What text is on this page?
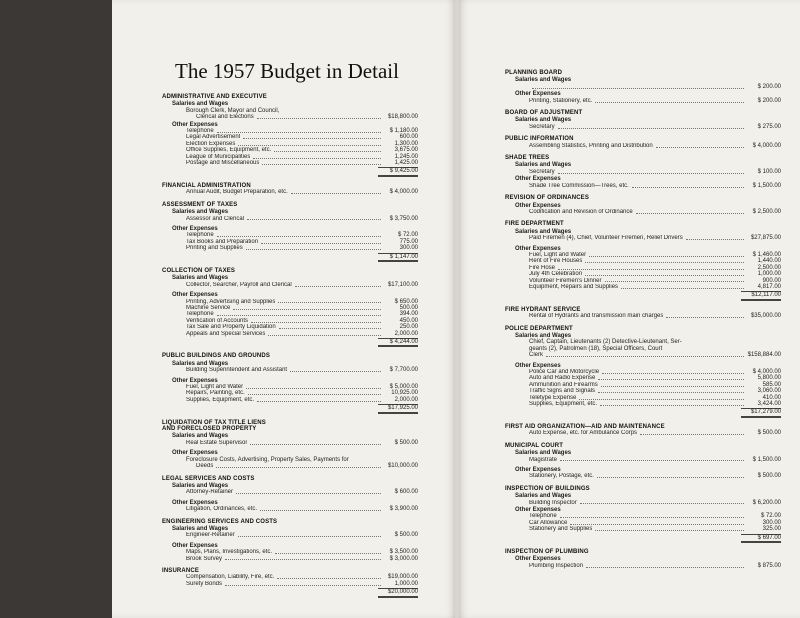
The 1957 Budget in Detail
ADMINISTRATIVE AND EXECUTIVE
Salaries and Wages
Borough Clerk, Mayor and Council,
Clerical and Elections	$18,800.00
Other Expenses
Telephone	$ 1,180.00
Legal Advertisement	600.00
Election Expenses	1,300.00
Office Supplies, Equipment, etc.	3,675.00
League of Municipalities	1,245.00
Postage and Miscellaneous	1,425.00
$ 9,425.00
FINANCIAL ADMINISTRATION
Annual Audit, Budget Preparation, etc.	$ 4,000.00
ASSESSMENT OF TAXES
Salaries and Wages
Assessor and Clerical	$ 3,750.00
Other Expenses
Telephone	$ 72.00
Tax Books and Preparation	775.00
Printing and Supplies	300.00
$ 1,147.00
COLLECTION OF TAXES
Salaries and Wages
Collector, Searcher, Payroll and Clerical	$17,100.00
Other Expenses
Printing, Advertising and Supplies	$ 650.00
Machine Service	500.00
Telephone	394.00
Verification of Accounts	450.00
Tax Sale and Property Liquidation	250.00
Appeals and Special Services	2,000.00
$ 4,244.00
PUBLIC BUILDINGS AND GROUNDS
Salaries and Wages
Building Superintendent and Assistant	$ 7,700.00
Other Expenses
Fuel, Light and Water	$ 5,000.00
Repairs, Painting, etc.	10,925.00
Supplies, Equipment, etc.	2,000.00
$17,925.00
LIQUIDATION OF TAX TITLE LIENS
AND FORECLOSED PROPERTY
Salaries and Wages
Real Estate Supervisor	$ 500.00
Other Expenses
Foreclosure Costs, Advertising, Property Sales, Payments for
Deeds	$10,000.00
LEGAL SERVICES AND COSTS
Salaries and Wages
Attorney-Retainer	$ 600.00
Other Expenses
Litigation, Ordinances, etc.	$ 3,900.00
ENGINEERING SERVICES AND COSTS
Salaries and Wages
Engineer-Retainer	$ 500.00
Other Expenses
Maps, Plans, Investigations, etc.	$ 3,500.00
Brook Survey	$ 3,000.00
INSURANCE
Compensation, Liability, Fire, etc.	$19,000.00
Surety Bonds	1,000.00
$20,000.00
PLANNING BOARD
Salaries and Wages
$ 200.00
Other Expenses
Printing, Stationery, etc.	$ 200.00
BOARD OF ADJUSTMENT
Salaries and Wages
Secretary	$ 275.00
PUBLIC INFORMATION
Assembling Statistics, Printing and Distribution	$ 4,000.00
SHADE TREES
Salaries and Wages
Secretary	$ 100.00
Other Expenses
Shade Tree Commission—Trees, etc.	$ 1,500.00
REVISION OF ORDINANCES
Other Expenses
Codification and Revision of Ordinance	$ 2,500.00
FIRE DEPARTMENT
Salaries and Wages
Paid Firemen (4), Chief, Volunteer Firemen, Relief Drivers	$27,875.00
Other Expenses
Fuel, Light and Water	$ 1,460.00
Rent of Fire Houses	1,440.00
Fire Hose	2,500.00
July 4th Celebration	1,000.00
Volunteer Firemen's Dinner	900.00
Equipment, Repairs and Supplies	4,817.00
$12,117.00
FIRE HYDRANT SERVICE
Rental of Hydrants and transmission main charges	$35,000.00
POLICE DEPARTMENT
Salaries and Wages
Chief, Captain, Lieutenants (2) Detective-Lieutenant, Ser-
geants (2), Patrolmen (18), Special Officers, Court
Clerk	$158,884.00
Other Expenses
Police Car and Motorcycle	$ 4,000.00
Auto and Radio Expense	5,800.00
Ammunition and Firearms	585.00
Traffic Signs and Signals	3,060.00
Teletype Expense	410.00
Supplies, Equipment, etc.	3,424.00
$17,279.00
FIRST AID ORGANIZATION—AID AND MAINTENANCE
Auto Expense, etc. for Ambulance Corps	$ 500.00
MUNICIPAL COURT
Salaries and Wages
Magistrate	$ 1,500.00
Other Expenses
Stationery, Postage, etc.	$ 500.00
INSPECTION OF BUILDINGS
Salaries and Wages
Building Inspector	$ 6,200.00
Other Expenses
Telephone	$ 72.00
Car Allowance	300.00
Stationery and Supplies	325.00
$ 697.00
INSPECTION OF PLUMBING
Other Expenses
Plumbing Inspection	$ 875.00
